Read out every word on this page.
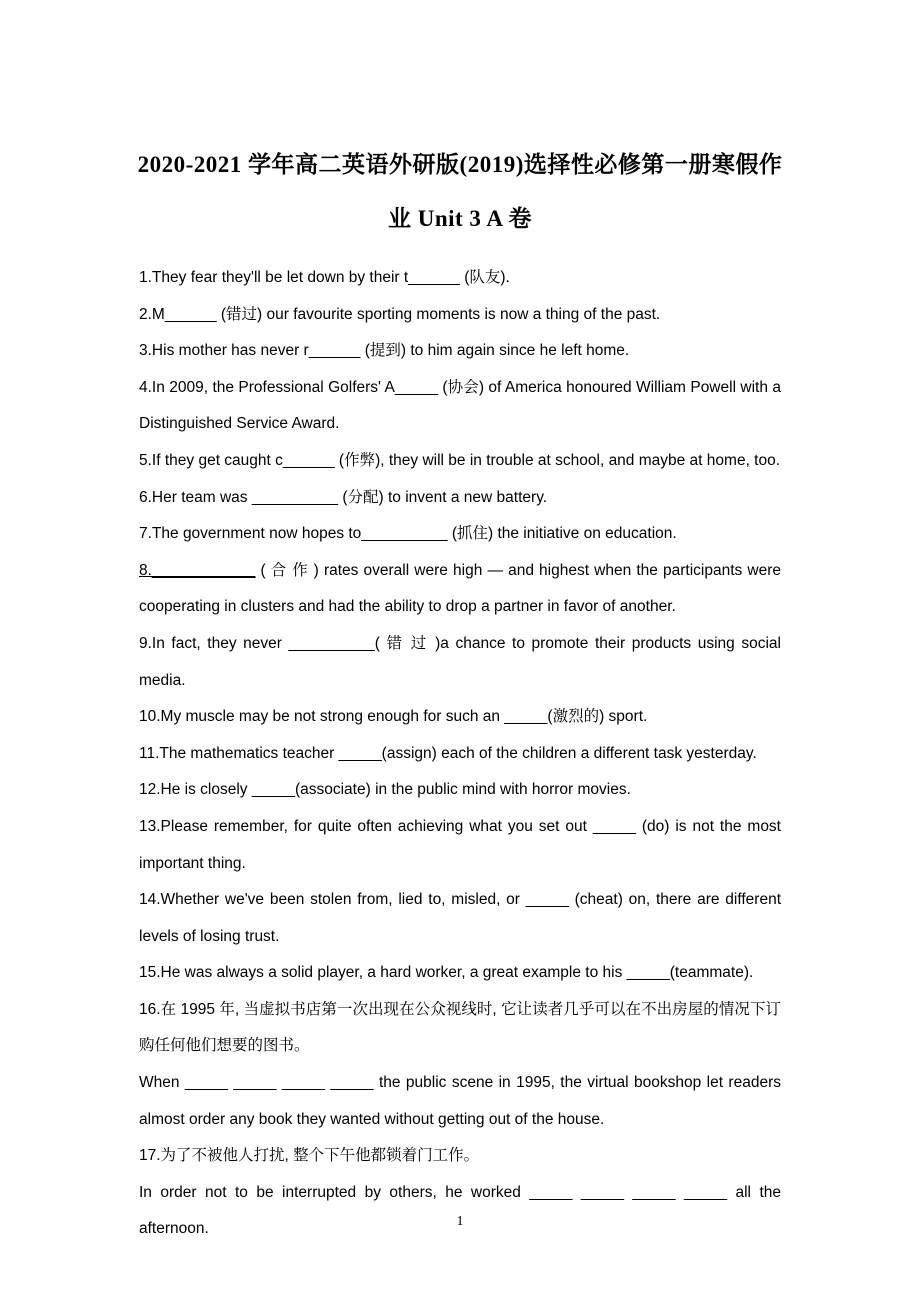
2020-2021 学年高二英语外研版(2019)选择性必修第一册寒假作
业 Unit 3 A 卷

1.They fear they'll be let down by their t______ (队友).

2.M______ (错过) our favourite sporting moments is now a thing of the past.

3.His mother has never r______ (提到) to him again since he left home.

4.In 2009, the Professional Golfers' A_____ (协会) of America honoured William Powell with a Distinguished Service Award.

5.If they get caught c______ (作弊), they will be in trouble at school, and maybe at home, too.

6.Her team was __________ (分配) to invent a new battery.

7.The government now hopes to__________ (抓住) the initiative on education.

8.____________ ( 合 作 ) rates overall were high — and highest when the participants were cooperating in clusters and had the ability to drop a partner in favor of another.

9.In fact, they never __________( 错 过 )a chance to promote their products using social media.

10.My muscle may be not strong enough for such an _____(激烈的) sport.

11.The mathematics teacher _____(assign) each of the children a different task yesterday.

12.He is closely _____(associate) in the public mind with horror movies.

13.Please remember, for quite often achieving what you set out _____ (do) is not the most important thing.

14.Whether we've been stolen from, lied to, misled, or _____ (cheat) on, there are different levels of losing trust.

15.He was always a solid player, a hard worker, a great example to his _____(teammate).

16.在 1995 年, 当虚拟书店第一次出现在公众视线时, 它让读者几乎可以在不出房屋的情况下订购任何他们想要的图书。

When _____ _____ _____ _____ the public scene in 1995, the virtual bookshop let readers almost order any book they wanted without getting out of the house.

17.为了不被他人打扰, 整个下午他都锁着门工作。

In order not to be interrupted by others, he worked _____ _____ _____ _____ all the afternoon.	1
